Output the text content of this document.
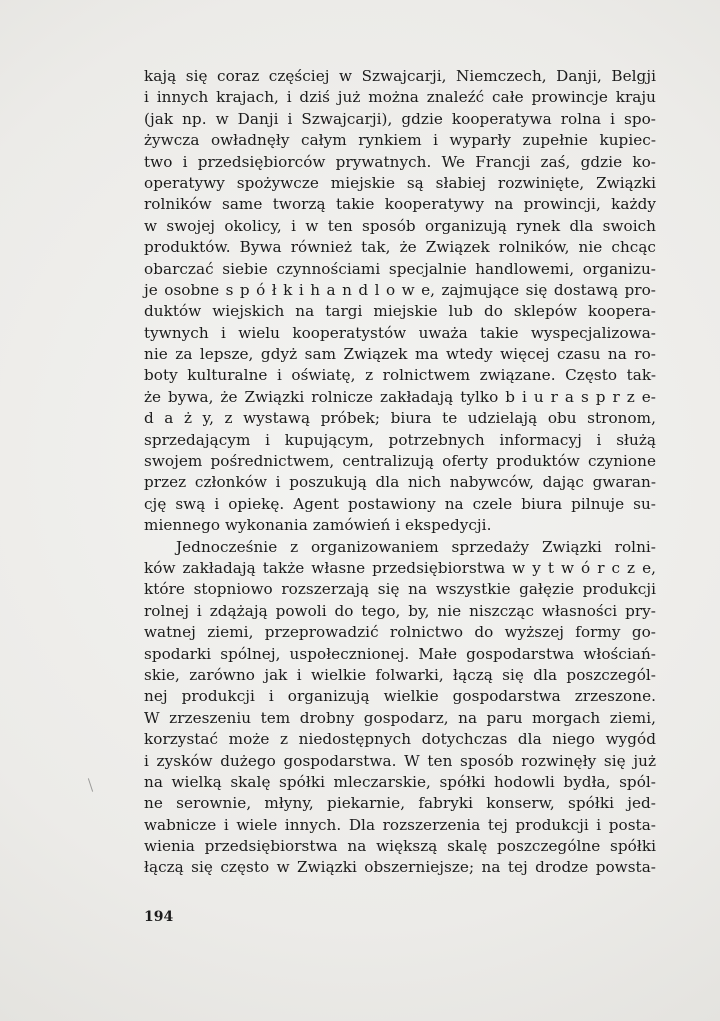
kają się coraz częściej w Szwajcarji, Niemczech, Danji, Belgji
i innych krajach, i dziś już można znaleźć całe prowincje kraju
(jak np. w Danji i Szwajcarji), gdzie kooperatywa rolna i spo-
żywcza owładnęły całym rynkiem i wyparły zupełnie kupiec-
two i przedsiębiorców prywatnych. We Francji zaś, gdzie ko-
operatywy spożywcze miejskie są słabiej rozwinięte, Związki
rolników same tworzą takie kooperatywy na prowincji, każdy
w swojej okolicy, i w ten sposób organizują rynek dla swoich
produktów. Bywa również tak, że Związek rolników, nie chcąc
obarczać siebie czynnościami specjalnie handlowemi, organizu-
je osobne s p ó ł k i h a n d l o w e, zajmujące się dostawą pro-
duktów wiejskich na targi miejskie lub do sklepów koopera-
tywnych i wielu kooperatystów uważa takie wyspecjalizowa-
nie za lepsze, gdyż sam Związek ma wtedy więcej czasu na ro-
boty kulturalne i oświatę, z rolnictwem związane. Często tak-
że bywa, że Związki rolnicze zakładają tylko b i u r a s p r z e-
d a ż y, z wystawą próbek; biura te udzielają obu stronom,
sprzedającym i kupującym, potrzebnych informacyj i służą
swojem pośrednictwem, centralizują oferty produktów czynione
przez członków i poszukują dla nich nabywców, dając gwaran-
cję swą i opiekę. Agent postawiony na czele biura pilnuje su-
miennego wykonania zamówień i ekspedycji.
Jednocześnie z organizowaniem sprzedaży Związki rolni-
ków zakładają także własne przedsiębiorstwa w y t w ó r c z e,
które stopniowo rozszerzają się na wszystkie gałęzie produkcji
rolnej i zdążają powoli do tego, by, nie niszcząc własności pry-
watnej ziemi, przeprowadzić rolnictwo do wyższej formy go-
spodarki spólnej, uspołecznionej. Małe gospodarstwa włościań-
skie, zarówno jak i wielkie folwarki, łączą się dla poszczegól-
nej produkcji i organizują wielkie gospodarstwa zrzeszone.
W zrzeszeniu tem drobny gospodarz, na paru morgach ziemi,
korzystać może z niedostępnych dotychczas dla niego wygód
i zysków dużego gospodarstwa. W ten sposób rozwinęły się już
na wielką skalę spółki mleczarskie, spółki hodowli bydła, spól-
ne serownie, młyny, piekarnie, fabryki konserw, spółki jed-
wabnicze i wiele innych. Dla rozszerzenia tej produkcji i posta-
wienia przedsiębiorstwa na większą skalę poszczególne spółki
łączą się często w Związki obszerniejsze; na tej drodze powsta-
194
